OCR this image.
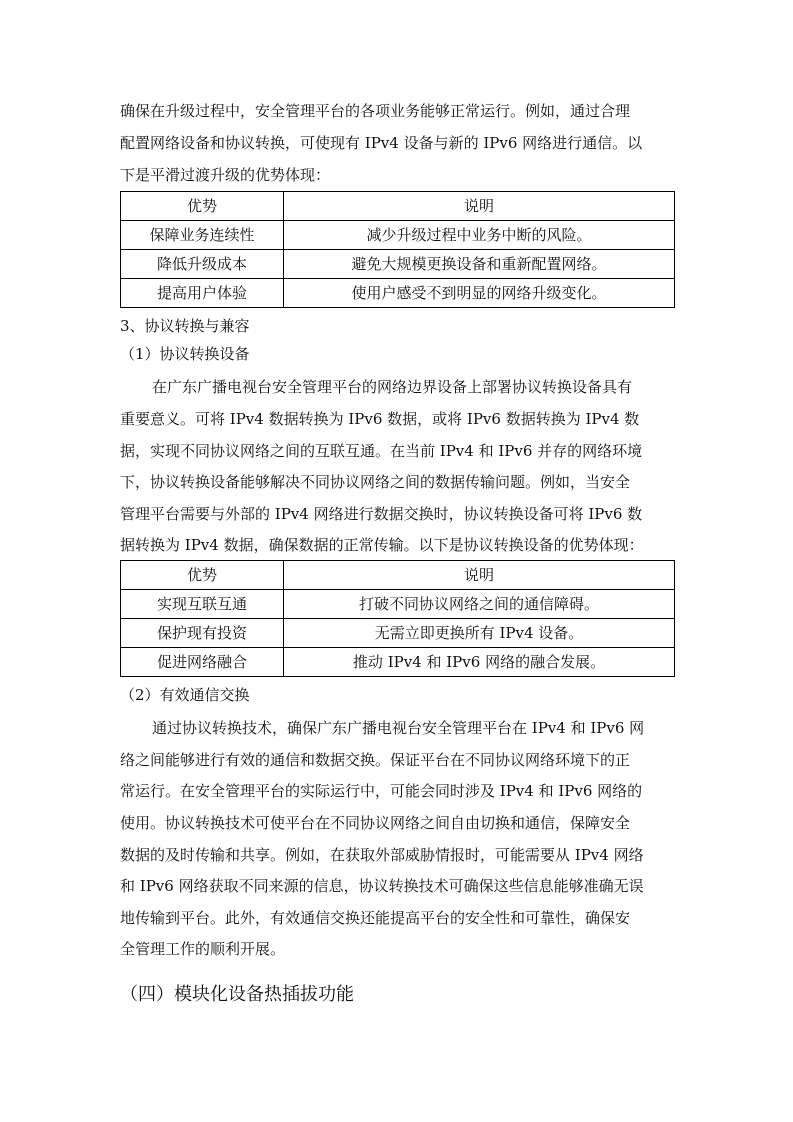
确保在升级过程中，安全管理平台的各项业务能够正常运行。例如，通过合理
配置网络设备和协议转换，可使现有 IPv4 设备与新的 IPv6 网络进行通信。以
下是平滑过渡升级的优势体现：
优势	说明
保障业务连续性	减少升级过程中业务中断的风险。
降低升级成本	避免大规模更换设备和重新配置网络。
提高用户体验	使用户感受不到明显的网络升级变化。
3、协议转换与兼容
（1）协议转换设备
在广东广播电视台安全管理平台的网络边界设备上部署协议转换设备具有
重要意义。可将 IPv4 数据转换为 IPv6 数据，或将 IPv6 数据转换为 IPv4 数
据，实现不同协议网络之间的互联互通。在当前 IPv4 和 IPv6 并存的网络环境
下，协议转换设备能够解决不同协议网络之间的数据传输问题。例如，当安全
管理平台需要与外部的 IPv4 网络进行数据交换时，协议转换设备可将 IPv6 数
据转换为 IPv4 数据，确保数据的正常传输。以下是协议转换设备的优势体现：
优势	说明
实现互联互通	打破不同协议网络之间的通信障碍。
保护现有投资	无需立即更换所有 IPv4 设备。
促进网络融合	推动 IPv4 和 IPv6 网络的融合发展。
（2）有效通信交换
通过协议转换技术，确保广东广播电视台安全管理平台在 IPv4 和 IPv6 网
络之间能够进行有效的通信和数据交换。保证平台在不同协议网络环境下的正
常运行。在安全管理平台的实际运行中，可能会同时涉及 IPv4 和 IPv6 网络的
使用。协议转换技术可使平台在不同协议网络之间自由切换和通信，保障安全
数据的及时传输和共享。例如，在获取外部威胁情报时，可能需要从 IPv4 网络
和 IPv6 网络获取不同来源的信息，协议转换技术可确保这些信息能够准确无误
地传输到平台。此外，有效通信交换还能提高平台的安全性和可靠性，确保安
全管理工作的顺利开展。
（四）模块化设备热插拔功能
